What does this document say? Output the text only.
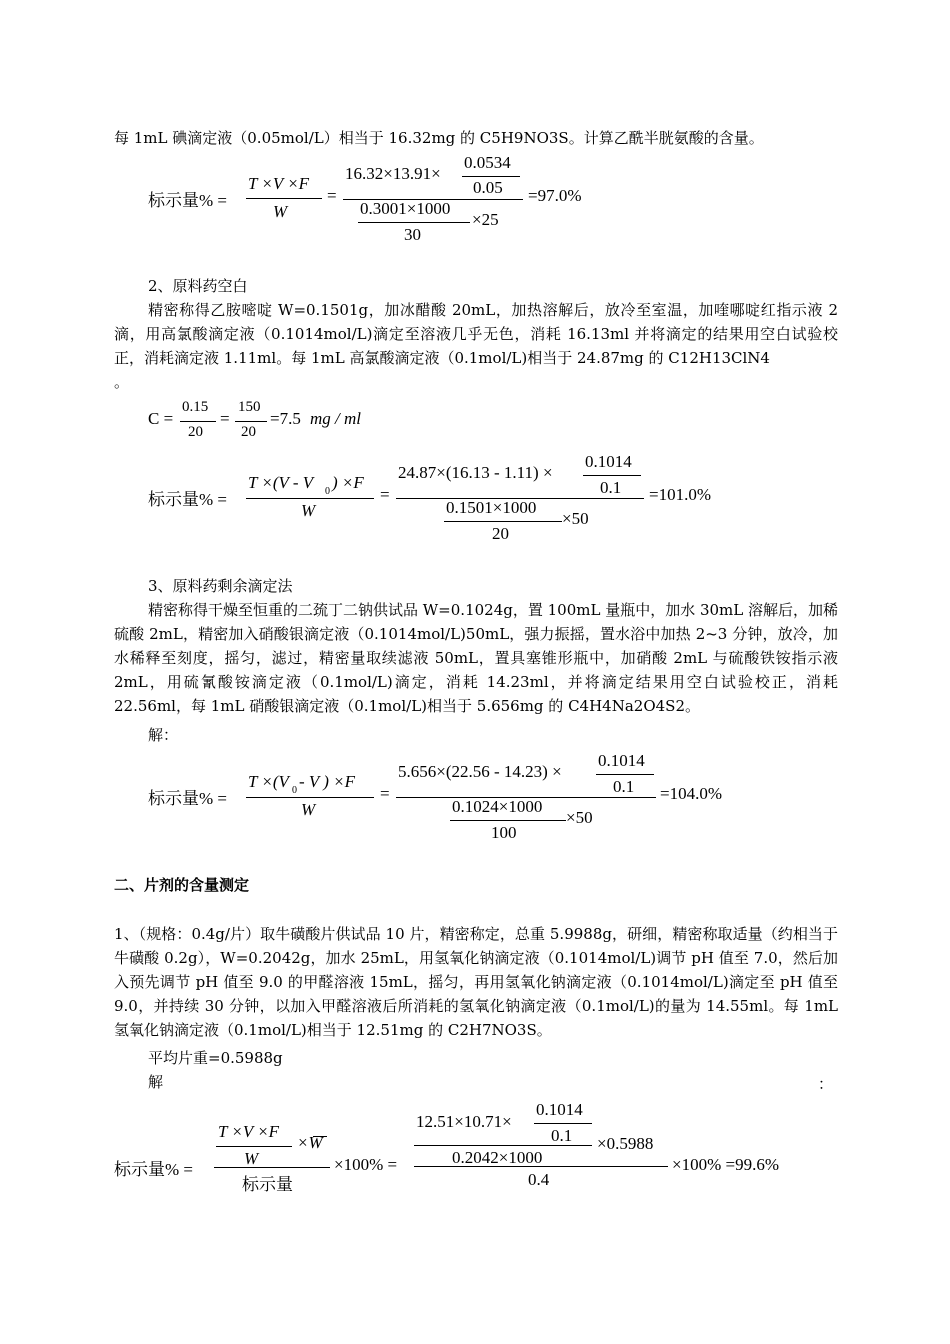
每 1mL 碘滴定液（0.05mol/L）相当于 16.32mg 的 C5H9NO3S。计算乙酰半胱氨酸的含量。
标示量% =
T ×V ×F
W
=
16.32×13.91×
0.0534
0.05
0.3001×1000
30
×25
=97.0%
2、原料药空白
精密称得乙胺嘧啶 W=0.1501g，加冰醋酸 20mL，加热溶解后，放冷至室温，加喹哪啶红指示液 2 滴，用高氯酸滴定液（0.1014mol/L)滴定至溶液几乎无色，消耗 16.13ml 并将滴定的结果用空白试验校正，消耗滴定液 1.11ml。每 1mL 高氯酸滴定液（0.1mol/L)相当于 24.87mg 的 C12H13ClN4
。
C =
0.15
20
=
150
20
=7.5 mg / ml
标示量% =
T ×(V - V 0 ) ×F
W
=
24.87×(16.13 - 1.11) ×
0.1014
0.1
0.1501×1000
20
×50
=101.0%
3、原料药剩余滴定法
精密称得干燥至恒重的二巯丁二钠供试品 W=0.1024g，置 100mL 量瓶中，加水 30mL 溶解后，加稀硫酸 2mL，精密加入硝酸银滴定液（0.1014mol/L)50mL，强力振摇，置水浴中加热 2~3 分钟，放冷，加水稀释至刻度，摇匀，滤过，精密量取续滤液 50mL，置具塞锥形瓶中，加硝酸 2mL 与硫酸铁铵指示液 2mL，用硫氰酸铵滴定液（0.1mol/L)滴定，消耗 14.23ml，并将滴定结果用空白试验校正，消耗 22.56ml，每 1mL 硝酸银滴定液（0.1mol/L)相当于 5.656mg 的 C4H4Na2O4S2。
解：
标示量% =
T ×(V 0 - V ) ×F
W
=
5.656×(22.56 - 14.23) ×
0.1014
0.1
0.1024×1000
100
×50
=104.0%
二、片剂的含量测定
1、（规格：0.4g/片）取牛磺酸片供试品 10 片，精密称定，总重 5.9988g，研细，精密称取适量（约相当于牛磺酸 0.2g），W=0.2042g，加水 25mL，用氢氧化钠滴定液（0.1014mol/L)调节 pH 值至 7.0，然后加入预先调节 pH 值至 9.0 的甲醛溶液 15mL，摇匀，再用氢氧化钠滴定液（0.1014mol/L)滴定至 pH 值至 9.0，并持续 30 分钟，以加入甲醛溶液后所消耗的氢氧化钠滴定液（0.1mol/L)的量为 14.55ml。每 1mL 氢氧化钠滴定液（0.1mol/L)相当于 12.51mg 的 C2H7NO3S。
平均片重=0.5988g
解	：
标示量% =
T ×V ×F
W
×W
标示量
×100% =
12.51×10.71×
0.1014
0.1 ×0.5988
0.2042×1000
0.4
×100% =99.6%
